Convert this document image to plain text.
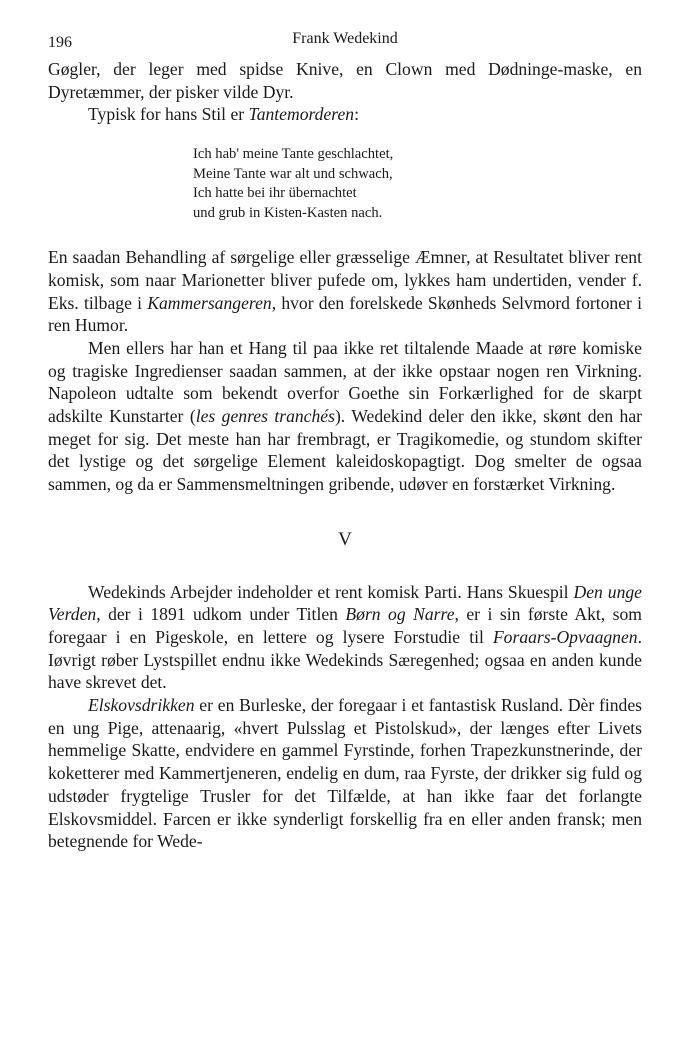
196	Frank Wedekind

Gøgler, der leger med spidse Knive, en Clown med Dødninge-maske, en Dyretæmmer, der pisker vilde Dyr.

Typisk for hans Stil er Tantemorderen:

Ich hab' meine Tante geschlachtet,
Meine Tante war alt und schwach,
Ich hatte bei ihr übernachtet
und grub in Kisten-Kasten nach.

En saadan Behandling af sørgelige eller græsselige Æmner, at Resultatet bliver rent komisk, som naar Marionetter bliver pufede om, lykkes ham undertiden, vender f. Eks. tilbage i Kammersangeren, hvor den forelskede Skønheds Selvmord fortoner i ren Humor.

Men ellers har han et Hang til paa ikke ret tiltalende Maade at røre komiske og tragiske Ingredienser saadan sammen, at der ikke opstaar nogen ren Virkning. Napoleon udtalte som bekendt overfor Goethe sin Forkærlighed for de skarpt adskilte Kunstarter (les genres tranchés). Wedekind deler den ikke, skønt den har meget for sig. Det meste han har frembragt, er Tragikomedie, og stundom skifter det lystige og det sørgelige Element kaleidoskopagtigt. Dog smelter de ogsaa sammen, og da er Sammensmeltningen gribende, udøver en forstærket Virkning.

V

Wedekinds Arbejder indeholder et rent komisk Parti. Hans Skuespil Den unge Verden, der i 1891 udkom under Titlen Børn og Narre, er i sin første Akt, som foregaar i en Pigeskole, en lettere og lysere Forstudie til Foraars-Opvaagnen. Iøvrigt røber Lystspillet endnu ikke Wedekinds Særegenhed; ogsaa en anden kunde have skrevet det.

Elskovsdrikken er en Burleske, der foregaar i et fantastisk Rusland. Dèr findes en ung Pige, attenaarig, «hvert Pulsslag et Pistolskud», der længes efter Livets hemmelige Skatte, endvidere en gammel Fyrstinde, forhen Trapezkunstnerinde, der koketterer med Kammertjeneren, endelig en dum, raa Fyrste, der drikker sig fuld og udstøder frygtelige Trusler for det Tilfælde, at han ikke faar det forlangte Elskovsmiddel. Farcen er ikke synderligt forskellig fra en eller anden fransk; men betegnende for Wede-
